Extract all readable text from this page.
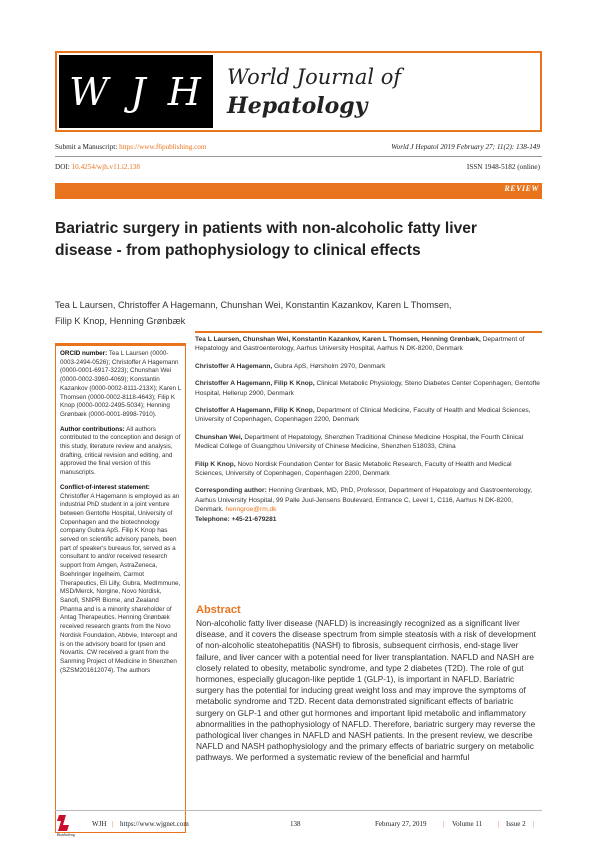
W J H World Journal of
Hepatology
Submit a Manuscript: https://www.f6publishing.com	World J Hepatol 2019 February 27; 11(2): 138-149
DOI: 10.4254/wjh.v11.i2.138	ISSN 1948-5182 (online)
REVIEW
Bariatric surgery in patients with non-alcoholic fatty liver disease - from pathophysiology to clinical effects
Tea L Laursen, Christoffer A Hagemann, Chunshan Wei, Konstantin Kazankov, Karen L Thomsen,
Filip K Knop, Henning Grønbæk
ORCID number: Tea L Laursen (0000-0003-2494-0526); Christoffer A Hagemann (0000-0001-6917-3223); Chunshan Wei (0000-0002-3960-4069); Konstantin Kazankov (0000-0002-8111-213X); Karen L Thomsen (0000-0002-8118-4643); Filip K Knop (0000-0002-2495-5034); Henning Grønbæk (0000-0001-8998-7910).
Author contributions: All authors contributed to the conception and design of this study, literature review and analysis, drafting, critical revision and editing, and approved the final version of this manuscripts.
Conflict-of-interest statement:
Christoffer A Hagemann is employed as an industrial PhD student in a joint venture between Gentofte Hospital, University of Copenhagen and the biotechnology company Gubra ApS. Filip K Knop has served on scientific advisory panels, been part of speaker's bureaus for, served as a consultant to and/or received research support from Amgen, AstraZeneca, Boehringer Ingelheim, Carmot Therapeutics, Eli Lilly, Gubra, MedImmune, MSD/Merck, Norgine, Novo Nordisk, Sanofi, SNIPR Biome, and Zealand Pharma and is a minority shareholder of Antag Therapeutics. Henning Grønbæk received research grants from the Novo Nordisk Foundation, Abbvie, Intercept and is on the advisory board for Ipsen and Novartis. CW received a grant from the Sanming Project of Medicine in Shenzhen (SZSM201612074). The authors
Tea L Laursen, Chunshan Wei, Konstantin Kazankov, Karen L Thomsen, Henning Grønbæk, Department of Hepatology and Gastroenterology, Aarhus University Hospital, Aarhus N DK-8200, Denmark
Christoffer A Hagemann, Gubra ApS, Hørsholm 2970, Denmark
Christoffer A Hagemann, Filip K Knop, Clinical Metabolic Physiology, Steno Diabetes Center Copenhagen, Gentofte Hospital, Hellerup 2900, Denmark
Christoffer A Hagemann, Filip K Knop, Department of Clinical Medicine, Faculty of Health and Medical Sciences, University of Copenhagen, Copenhagen 2200, Denmark
Chunshan Wei, Department of Hepatology, Shenzhen Traditional Chinese Medicine Hospital, the Fourth Clinical Medical College of Guangzhou University of Chinese Medicine, Shenzhen 518033, China
Filip K Knop, Novo Nordisk Foundation Center for Basic Metabolic Research, Faculty of Health and Medical Sciences, University of Copenhagen, Copenhagen 2200, Denmark
Corresponding author: Henning Grønbæk, MD, PhD, Professor, Department of Hepatology and Gastroenterology, Aarhus University Hospital, 99 Palle Juul-Jensens Boulevard, Entrance C, Level 1, C116, Aarhus N DK-8200, Denmark. henngroe@rm.dk
Telephone: +45-21-679281
Abstract
Non-alcoholic fatty liver disease (NAFLD) is increasingly recognized as a significant liver disease, and it covers the disease spectrum from simple steatosis with a risk of development of non-alcoholic steatohepatitis (NASH) to fibrosis, subsequent cirrhosis, end-stage liver failure, and liver cancer with a potential need for liver transplantation. NAFLD and NASH are closely related to obesity, metabolic syndrome, and type 2 diabetes (T2D). The role of gut hormones, especially glucagon-like peptide 1 (GLP-1), is important in NAFLD. Bariatric surgery has the potential for inducing great weight loss and may improve the symptoms of metabolic syndrome and T2D. Recent data demonstrated significant effects of bariatric surgery on GLP-1 and other gut hormones and important lipid metabolic and inflammatory abnormalities in the pathophysiology of NAFLD. Therefore, bariatric surgery may reverse the pathological liver changes in NAFLD and NASH patients. In the present review, we describe NAFLD and NASH pathophysiology and the primary effects of bariatric surgery on metabolic pathways. We performed a systematic review of the beneficial and harmful
Baishideng
WJH | https://www.wjgnet.com	138	February 27, 2019 | Volume 11 | Issue 2 |
